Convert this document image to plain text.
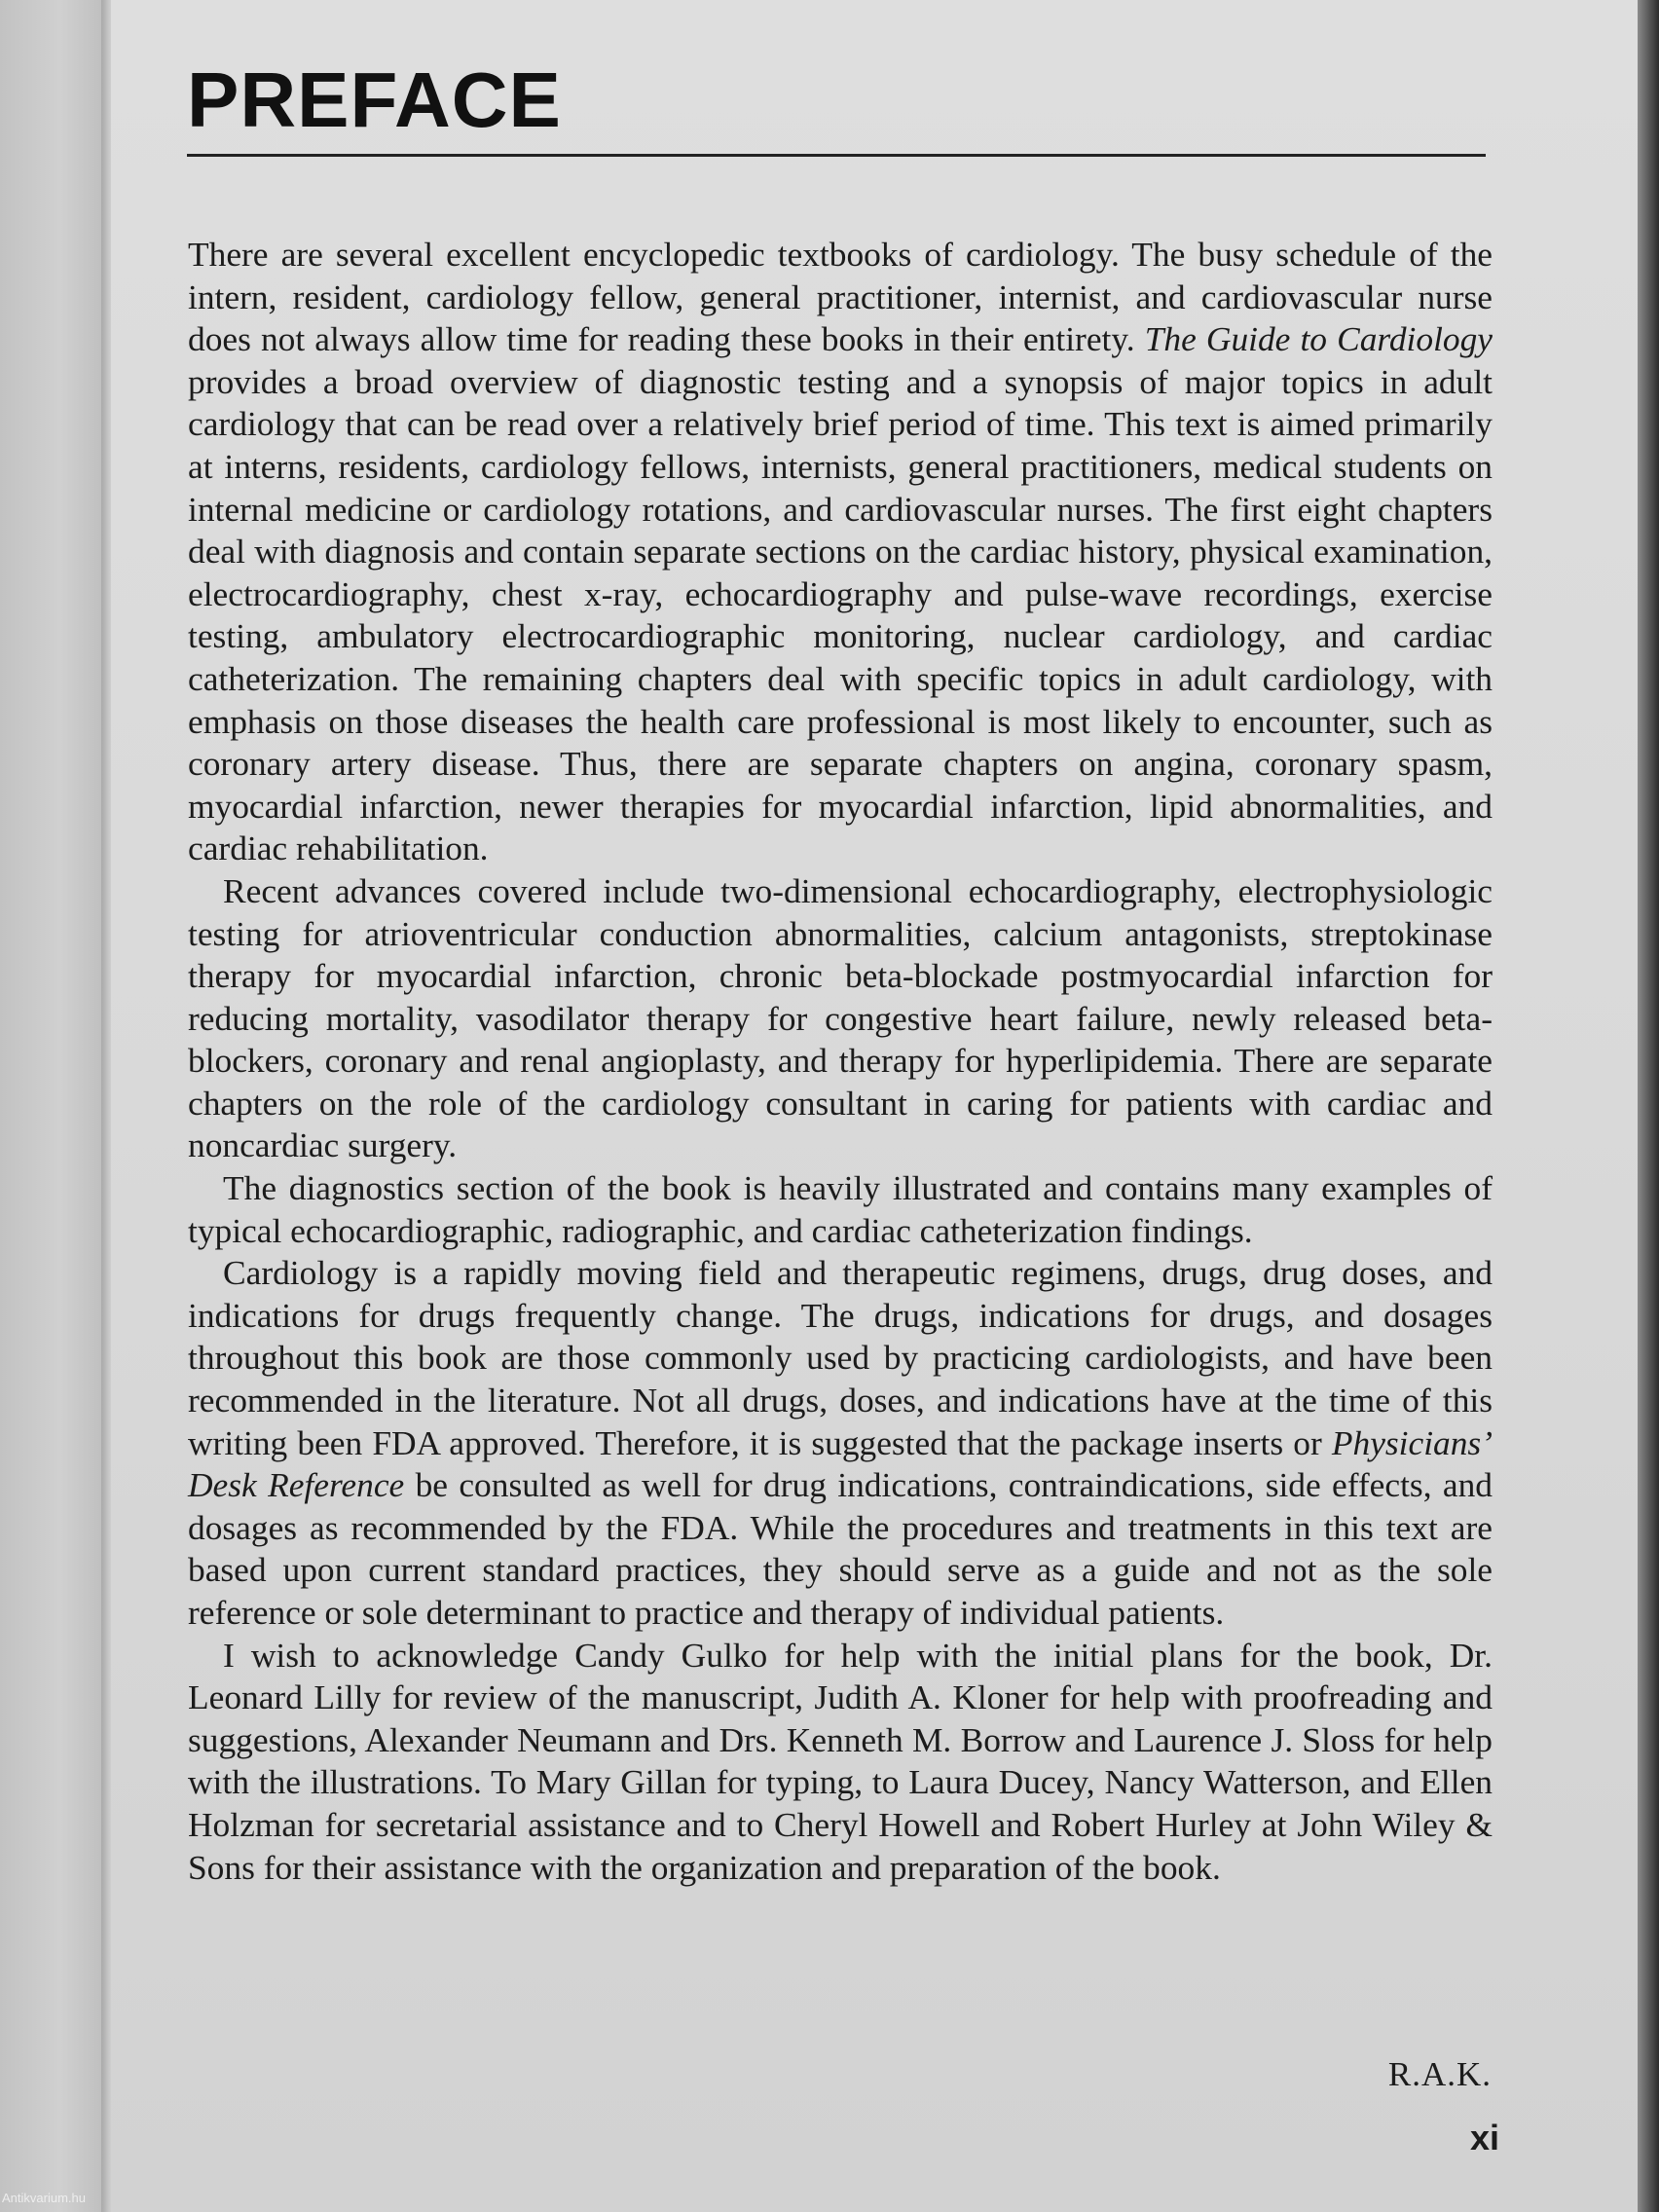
PREFACE

There are several excellent encyclopedic textbooks of cardiology. The busy schedule of the intern, resident, cardiology fellow, general practitioner, internist, and cardiovascular nurse does not always allow time for reading these books in their entirety. The Guide to Cardiology provides a broad overview of diagnostic testing and a synopsis of major topics in adult cardiology that can be read over a relatively brief period of time. This text is aimed primarily at interns, residents, cardiology fellows, internists, general practitioners, medical students on internal medicine or cardiology rotations, and cardiovascular nurses. The first eight chapters deal with diagnosis and contain separate sections on the cardiac history, physical examination, electrocardiography, chest x-ray, echocardiography and pulse-wave recordings, exercise testing, ambulatory electrocardiographic monitoring, nuclear cardiology, and cardiac catheterization. The remaining chapters deal with specific topics in adult cardiology, with emphasis on those diseases the health care professional is most likely to encounter, such as coronary artery disease. Thus, there are separate chapters on angina, coronary spasm, myocardial infarction, newer therapies for myocardial infarction, lipid abnormalities, and cardiac rehabilitation.

Recent advances covered include two-dimensional echocardiography, electrophysiologic testing for atrioventricular conduction abnormalities, calcium antagonists, streptokinase therapy for myocardial infarction, chronic beta-blockade postmyocardial infarction for reducing mortality, vasodilator therapy for congestive heart failure, newly released beta-blockers, coronary and renal angioplasty, and therapy for hyperlipidemia. There are separate chapters on the role of the cardiology consultant in caring for patients with cardiac and noncardiac surgery.

The diagnostics section of the book is heavily illustrated and contains many examples of typical echocardiographic, radiographic, and cardiac catheterization findings.

Cardiology is a rapidly moving field and therapeutic regimens, drugs, drug doses, and indications for drugs frequently change. The drugs, indications for drugs, and dosages throughout this book are those commonly used by practicing cardiologists, and have been recommended in the literature. Not all drugs, doses, and indications have at the time of this writing been FDA approved. Therefore, it is suggested that the package inserts or Physicians’ Desk Reference be consulted as well for drug indications, contraindications, side effects, and dosages as recommended by the FDA. While the procedures and treatments in this text are based upon current standard practices, they should serve as a guide and not as the sole reference or sole determinant to practice and therapy of individual patients.

I wish to acknowledge Candy Gulko for help with the initial plans for the book, Dr. Leonard Lilly for review of the manuscript, Judith A. Kloner for help with proofreading and suggestions, Alexander Neumann and Drs. Kenneth M. Borrow and Laurence J. Sloss for help with the illustrations. To Mary Gillan for typing, to Laura Ducey, Nancy Watterson, and Ellen Holzman for secretarial assistance and to Cheryl Howell and Robert Hurley at John Wiley & Sons for their assistance with the organization and preparation of the book.

R.A.K.
xi
Antikvarium.hu
